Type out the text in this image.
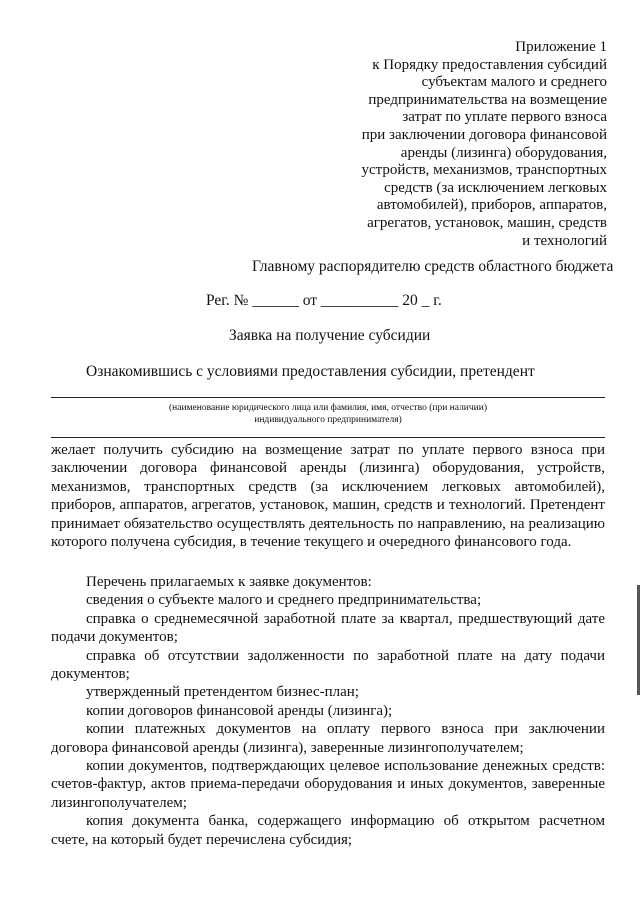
Приложение 1
к Порядку предоставления субсидий
субъектам малого и среднего
предпринимательства на возмещение
затрат по уплате первого взноса
при заключении договора финансовой
аренды (лизинга) оборудования,
устройств, механизмов, транспортных
средств (за исключением легковых
автомобилей), приборов, аппаратов,
агрегатов, установок, машин, средств
и технологий
Главному распорядителю средств областного бюджета
Рег. № ______ от __________ 20 _ г.
Заявка на получение субсидии
Ознакомившись с условиями предоставления субсидии, претендент
(наименование юридического лица или фамилия, имя, отчество (при наличии)
индивидуального предпринимателя)
желает получить субсидию на возмещение затрат по уплате первого взноса при заключении договора финансовой аренды (лизинга) оборудования, устройств, механизмов, транспортных средств (за исключением легковых автомобилей), приборов, аппаратов, агрегатов, установок, машин, средств и технологий. Претендент принимает обязательство осуществлять деятельность по направлению, на реализацию которого получена субсидия, в течение текущего и очередного финансового года.

Перечень прилагаемых к заявке документов:

сведения о субъекте малого и среднего предпринимательства;

справка о среднемесячной заработной плате за квартал, предшествующий дате подачи документов;

справка об отсутствии задолженности по заработной плате на дату подачи документов;

утвержденный претендентом бизнес-план;

копии договоров финансовой аренды (лизинга);

копии платежных документов на оплату первого взноса при заключении договора финансовой аренды (лизинга), заверенные лизингополучателем;

копии документов, подтверждающих целевое использование денежных средств: счетов-фактур, актов приема-передачи оборудования и иных документов, заверенные лизингополучателем;

копия документа банка, содержащего информацию об открытом расчетном счете, на который будет перечислена субсидия;
